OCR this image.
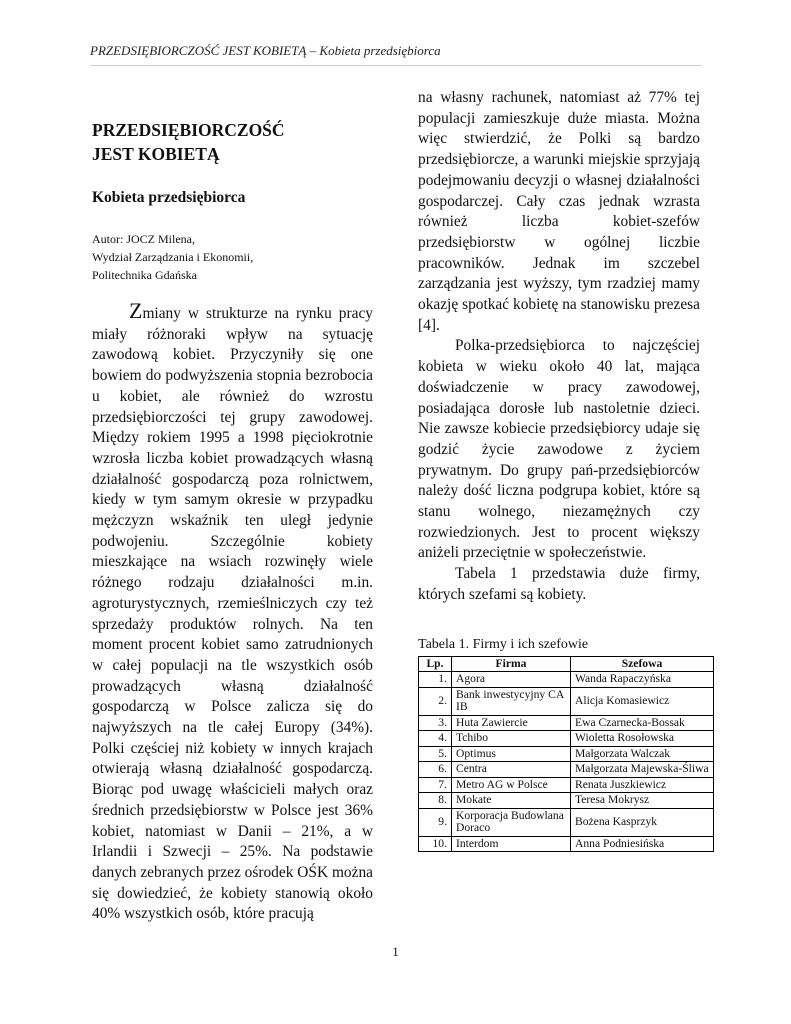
PRZEDSIĘBIORCZOŚĆ JEST KOBIETĄ – Kobieta przedsiębiorca
PRZEDSIĘBIORCZOŚĆ
JEST KOBIETĄ
Kobieta przedsiębiorca
Autor: JOCZ Milena,
Wydział Zarządzania i Ekonomii,
Politechnika Gdańska

Zmiany w strukturze na rynku pracy miały różnoraki wpływ na sytuację zawodową kobiet. Przyczyniły się one bowiem do podwyższenia stopnia bezrobocia u kobiet, ale również do wzrostu przedsiębiorczości tej grupy zawodowej. Między rokiem 1995 a 1998 pięciokrotnie wzrosła liczba kobiet prowadzących własną działalność gospodarczą poza rolnictwem, kiedy w tym samym okresie w przypadku mężczyzn wskaźnik ten uległ jedynie podwojeniu. Szczególnie kobiety mieszkające na wsiach rozwinęły wiele różnego rodzaju działalności m.in. agroturystycznych, rzemieślniczych czy też sprzedaży produktów rolnych. Na ten moment procent kobiet samo zatrudnionych w całej populacji na tle wszystkich osób prowadzących własną działalność gospodarczą w Polsce zalicza się do najwyższych na tle całej Europy (34%). Polki częściej niż kobiety w innych krajach otwierają własną działalność gospodarczą. Biorąc pod uwagę właścicieli małych oraz średnich przedsiębiorstw w Polsce jest 36% kobiet, natomiast w Danii – 21%, a w Irlandii i Szwecji – 25%. Na podstawie danych zebranych przez ośrodek OŚK można się dowiedzieć, że kobiety stanowią około 40% wszystkich osób, które pracują

na własny rachunek, natomiast aż 77% tej populacji zamieszkuje duże miasta. Można więc stwierdzić, że Polki są bardzo przedsiębiorcze, a warunki miejskie sprzyjają podejmowaniu decyzji o własnej działalności gospodarczej. Cały czas jednak wzrasta również liczba kobiet-szefów przedsiębiorstw w ogólnej liczbie pracowników. Jednak im szczebel zarządzania jest wyższy, tym rzadziej mamy okazję spotkać kobietę na stanowisku prezesa [4].

Polka-przedsiębiorca to najczęściej kobieta w wieku około 40 lat, mająca doświadczenie w pracy zawodowej, posiadająca dorosłe lub nastoletnie dzieci. Nie zawsze kobiecie przedsiębiorcy udaje się godzić życie zawodowe z życiem prywatnym. Do grupy pań-przedsiębiorców należy dość liczna podgrupa kobiet, które są stanu wolnego, niezamężnych czy rozwiedzionych. Jest to procent większy aniżeli przeciętnie w społeczeństwie.

Tabela 1 przedstawia duże firmy, których szefami są kobiety.

Tabela 1. Firmy i ich szefowie
Lp.	Firma	Szefowa
1.	Agora	Wanda Rapaczyńska
2.	Bank inwestycyjny CA IB	Alicja Komasiewicz
3.	Huta Zawiercie	Ewa Czarnecka-Bossak
4.	Tchibo	Wioletta Rosołowska
5.	Optimus	Małgorzata Walczak
6.	Centra	Małgorzata Majewska-Śliwa
7.	Metro AG w Polsce	Renata Juszkiewicz
8.	Mokate	Teresa Mokrysz
9.	Korporacja Budowlana Doraco	Bożena Kasprzyk
10.	Interdom	Anna Podniesińska
1
